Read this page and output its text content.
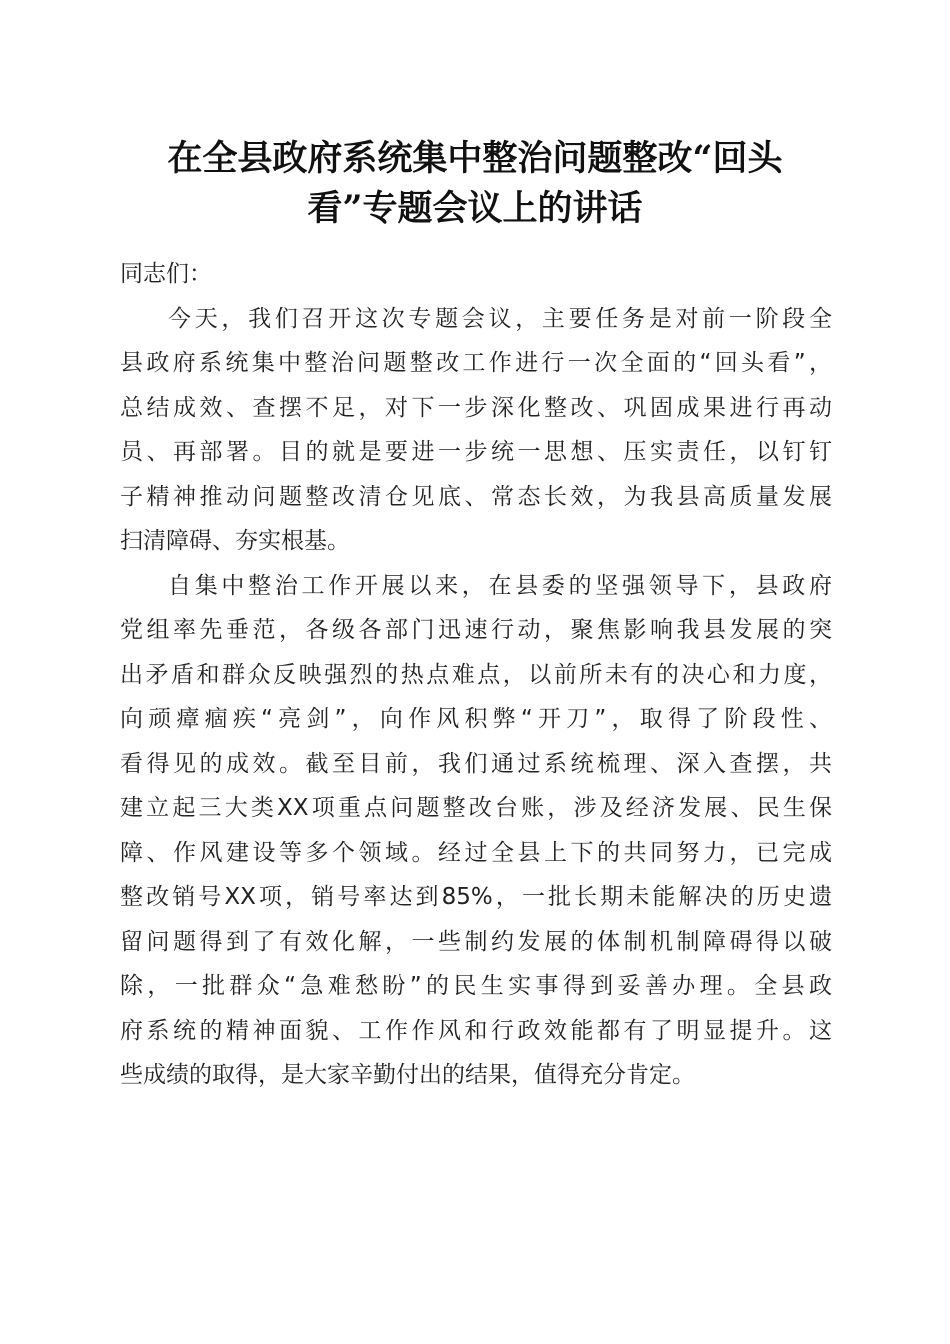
在全县政府系统集中整治问题整改“回头
看”专题会议上的讲话
同志们：
今天，我们召开这次专题会议，主要任务是对前一阶段全
县政府系统集中整治问题整改工作进行一次全面的“回头看”，
总结成效、查摆不足，对下一步深化整改、巩固成果进行再动
员、再部署。目的就是要进一步统一思想、压实责任，以钉钉
子精神推动问题整改清仓见底、常态长效，为我县高质量发展
扫清障碍、夯实根基。
自集中整治工作开展以来，在县委的坚强领导下，县政府
党组率先垂范，各级各部门迅速行动，聚焦影响我县发展的突
出矛盾和群众反映强烈的热点难点，以前所未有的决心和力度，
向顽瘴痼疾“亮剑”，向作风积弊“开刀”，取得了阶段性、
看得见的成效。截至目前，我们通过系统梳理、深入查摆，共
建立起三大类XX项重点问题整改台账，涉及经济发展、民生保
障、作风建设等多个领域。经过全县上下的共同努力，已完成
整改销号XX项，销号率达到85%，一批长期未能解决的历史遗
留问题得到了有效化解，一些制约发展的体制机制障碍得以破
除，一批群众“急难愁盼”的民生实事得到妥善办理。全县政
府系统的精神面貌、工作作风和行政效能都有了明显提升。这
些成绩的取得，是大家辛勤付出的结果，值得充分肯定。
